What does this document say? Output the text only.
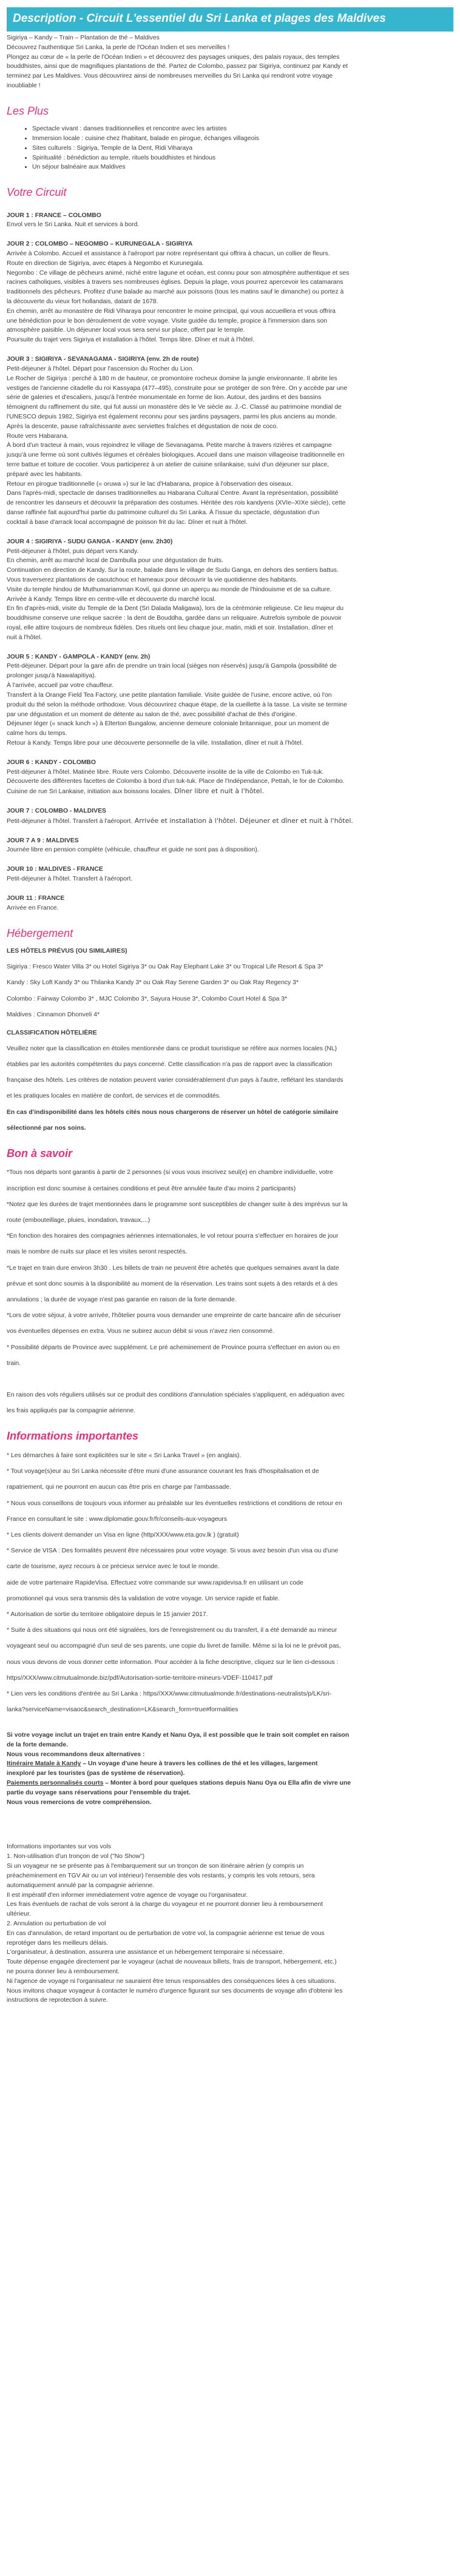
Description - Circuit L'essentiel du Sri Lanka et plages des Maldives

Sigiriya – Kandy – Train – Plantation de thé – Maldives

Découvrez l'authentique Sri Lanka, la perle de l'Océan Indien et ses merveilles !

Plongez au cœur de « la perle de l'Océan Indien » et découvrez des paysages uniques, des palais royaux, des temples

bouddhistes, ainsi que de magnifiques plantations de thé. Partez de Colombo, passez par Sigiriya, continuez par Kandy et

terminez par Les Maldives. Vous découvrirez ainsi de nombreuses merveilles du Sri Lanka qui rendront votre voyage

inoubliable !

Les Plus
• Spectacle vivant : danses traditionnelles et rencontre avec les artistes
• Immersion locale : cuisine chez l'habitant, balade en pirogue, échanges villageois
• Sites culturels : Sigiriya, Temple de la Dent, Ridi Viharaya
• Spiritualité : bénédiction au temple, rituels bouddhistes et hindous
• Un séjour balnéaire aux Maldives
Votre Circuit
JOUR 1 : FRANCE – COLOMBO

Envol vers le Sri Lanka. Nuit et services à bord.

JOUR 2 : COLOMBO – NEGOMBO – KURUNEGALA - SIGIRIYA

Arrivée à Colombo. Accueil et assistance à l'aéroport par notre représentant qui offrira à chacun, un collier de fleurs.

Route en direction de Sigiriya, avec étapes à Negombo et Kurunegala.

Negombo : Ce village de pêcheurs animé, niché entre lagune et océan, est connu pour son atmosphère authentique et ses

racines catholiques, visibles à travers ses nombreuses églises. Depuis la plage, vous pourrez apercevoir les catamarans

traditionnels des pêcheurs. Profitez d'une balade au marché aux poissons (tous les matins sauf le dimanche) ou portez à

la découverte du vieux fort hollandais, datant de 1678.

En chemin, arrêt au monastère de Ridi Viharaya pour rencontrer le moine principal, qui vous accueillera et vous offrira

une bénédiction pour le bon déroulement de votre voyage. Visite guidée du temple, propice à l'immersion dans son

atmosphère paisible. Un déjeuner local vous sera servi sur place, offert par le temple.

Poursuite du trajet vers Sigiriya et installation à l'hôtel. Temps libre. Dîner et nuit à l'hôtel.

JOUR 3 : SIGIRIYA - SEVANAGAMA - SIGIRIYA (env. 2h de route)

Petit-déjeuner à l'hôtel. Départ pour l'ascension du Rocher du Lion.

Le Rocher de Sigiriya : perché à 180 m de hauteur, ce promontoire rocheux domine la jungle environnante. Il abrite les

vestiges de l'ancienne citadelle du roi Kassyapa (477–495), construite pour se protéger de son frère. On y accède par une

série de galeries et d'escaliers, jusqu'à l'entrée monumentale en forme de lion. Autour, des jardins et des bassins

témoignent du raffinement du site, qui fut aussi un monastère dès le Ve siècle av. J.-C. Classé au patrimoine mondial de

l'UNESCO depuis 1982, Sigiriya est également reconnu pour ses jardins paysagers, parmi les plus anciens au monde.

Après la descente, pause rafraîchissante avec serviettes fraîches et dégustation de noix de coco.

Route vers Habarana.

À bord d'un tracteur à main, vous rejoindrez le village de Sevanagama. Petite marche à travers rizières et campagne

jusqu'à une ferme où sont cultivés légumes et céréales biologiques. Accueil dans une maison villageoise traditionnelle en

terre battue et toiture de cocotier. Vous participerez à un atelier de cuisine srilankaise, suivi d'un déjeuner sur place,

préparé avec les habitants.

Retour en pirogue traditionnelle (« oruwa ») sur le lac d'Habarana, propice à l'observation des oiseaux.

Dans l'après-midi, spectacle de danses traditionnelles au Habarana Cultural Centre. Avant la représentation, possibilité

de rencontrer les danseurs et découvrir la préparation des costumes. Héritée des rois kandyens (XVIe–XIXe siècle), cette

danse raffinée fait aujourd'hui partie du patrimoine culturel du Sri Lanka. À l'issue du spectacle, dégustation d'un

cocktail à base d'arrack local accompagné de poisson frit du lac. Dîner et nuit à l'hôtel.

JOUR 4 : SIGIRIYA - SUDU GANGA - KANDY (env. 2h30)

Petit-déjeuner à l'hôtel, puis départ vers Kandy.

En chemin, arrêt au marché local de Dambulla pour une dégustation de fruits.

Continuation en direction de Kandy. Sur la route, balade dans le village de Sudu Ganga, en dehors des sentiers battus.

Vous traverserez plantations de caoutchouc et hameaux pour découvrir la vie quotidienne des habitants.

Visite du temple hindou de Muthumariamman Kovil, qui donne un aperçu au monde de l'hindouisme et de sa culture.

Arrivée à Kandy. Temps libre en centre-ville et découverte du marché local.

En fin d'après-midi, visite du Temple de la Dent (Sri Dalada Maligawa), lors de la cérémonie religieuse. Ce lieu majeur du

bouddhisme conserve une relique sacrée : la dent de Bouddha, gardée dans un reliquaire. Autrefois symbole de pouvoir

royal, elle attire toujours de nombreux fidèles. Des rituels ont lieu chaque jour, matin, midi et soir. Installation, dîner et

nuit à l'hôtel.

JOUR 5 : KANDY - GAMPOLA - KANDY (env. 2h)

Petit-déjeuner. Départ pour la gare afin de prendre un train local (sièges non réservés) jusqu'à Gampola (possibilité de

prolonger jusqu'à Nawalapitiya).

À l'arrivée, accueil par votre chauffeur.

Transfert à la Orange Field Tea Factory, une petite plantation familiale. Visite guidée de l'usine, encore active, où l'on

produit du thé selon la méthode orthodoxe. Vous découvrirez chaque étape, de la cueillette à la tasse. La visite se termine

par une dégustation et un moment de détente au salon de thé, avec possibilité d'achat de thés d'origine.

Déjeuner léger (« snack lunch ») à Elterton Bungalow, ancienne demeure coloniale britannique, pour un moment de

calme hors du temps.

Retour à Kandy. Temps libre pour une découverte personnelle de la ville. Installation, dîner et nuit à l'hôtel.

JOUR 6 : KANDY - COLOMBO

Petit-déjeuner à l'hôtel. Matinée libre. Route vers Colombo. Découverte insolite de la ville de Colombo en Tuk-tuk.

Découverte des différentes facettes de Colombo à bord d'un tuk-tuk. Place de l'Indépendance, Pettah, le for de Colombo.

Cuisine de rue Sri Lankaise, initiation aux boissons locales. Dîner libre et nuit à l'hôtel.

JOUR 7 : COLOMBO - MALDIVES

Petit-déjeuner à l'hôtel. Transfert à l'aéroport. Arrivée et installation à l'hôtel. Déjeuner et dîner et nuit à l'hôtel.

JOUR 7 A 9 : MALDIVES

Journée libre en pension complète (véhicule, chauffeur et guide ne sont pas à disposition).

JOUR 10 : MALDIVES - FRANCE

Petit-déjeuner à l'hôtel. Transfert à l'aéroport.

JOUR 11 : FRANCE

Arrivée en France.

Hébergement

LES HÔTELS PRÉVUS (OU SIMILAIRES)

Sigiriya : Fresco Water Villa 3* ou Hotel Sigiriya 3* ou Oak Ray Elephant Lake 3* ou Tropical Life Resort & Spa 3*

Kandy : Sky Loft Kandy 3* ou Thilanka Kandy 3* ou Oak Ray Serene Garden 3* ou Oak Ray Regency 3*

Colombo : Fairway Colombo 3* , MJC Colombo 3*, Sayura House 3*, Colombo Court Hotel & Spa 3*

Maldives : Cinnamon Dhonveli 4*

CLASSIFICATION HÔTELIÈRE

Veuillez noter que la classification en étoiles mentionnée dans ce produit touristique se réfère aux normes locales (NL)

établies par les autorités compétentes du pays concerné. Cette classification n'a pas de rapport avec la classification

française des hôtels. Les critères de notation peuvent varier considérablement d'un pays à l'autre, reflétant les standards

et les pratiques locales en matière de confort, de services et de commodités.

En cas d'indisponibilité dans les hôtels cités nous nous chargerons de réserver un hôtel de catégorie similaire

sélectionné par nos soins.

Bon à savoir

*Tous nos départs sont garantis à partir de 2 personnes (si vous vous inscrivez seul(e) en chambre individuelle, votre

inscription est donc soumise à certaines conditions et peut être annulée faute d'au moins 2 participants)

*Notez que les durées de trajet mentionnées dans le programme sont susceptibles de changer suite à des imprévus sur la

route (embouteillage, pluies, inondation, travaux,...)

*En fonction des horaires des compagnies aériennes internationales, le vol retour pourra s'effectuer en horaires de jour

mais le nombre de nuits sur place et les visites seront respectés.

*Le trajet en train dure environ 3h30 . Les billets de train ne peuvent être achetés que quelques semaines avant la date

prévue et sont donc soumis à la disponibilité au moment de la réservation. Les trains sont sujets à des retards et à des

annulations ; la durée de voyage n'est pas garantie en raison de la forte demande.

*Lors de votre séjour, à votre arrivée, l'hôtelier pourra vous demander une empreinte de carte bancaire afin de sécuriser

vos éventuelles dépenses en extra. Vous ne subirez aucun débit si vous n'avez rien consommé.

* Possibilité départs de Province avec supplément. Le pré acheminement de Province pourra s'effectuer en avion ou en

train.

En raison des vols réguliers utilisés sur ce produit des conditions d'annulation spéciales s'appliquent, en adéquation avec

les frais appliqués par la compagnie aérienne.

Informations importantes

* Les démarches à faire sont explicitées sur le site « Sri Lanka Travel » (en anglais).

* Tout voyage(s)eur au Sri Lanka nécessite d'être muni d'une assurance couvrant les frais d'hospitalisation et de

rapatriement, qui ne pourront en aucun cas être pris en charge par l'ambassade.

* Nous vous conseillons de toujours vous informer au préalable sur les éventuelles restrictions et conditions de retour en

France en consultant le site : www.diplomatie.gouv.fr/fr/conseils-aux-voyageurs

* Les clients doivent demander un Visa en ligne (http/XXX/www.eta.gov.lk ) (gratuit)

* Service de VISA : Des formalités peuvent être nécessaires pour votre voyage. Si vous avez besoin d'un visa ou d'une

carte de tourisme, ayez recours à ce précieux service avec le tout le monde.

aide de votre partenaire RapideVisa. Effectuez votre commande sur www.rapidevisa.fr en utilisant un code

promotionnel qui vous sera transmis dès la validation de votre voyage. Un service rapide et fiable.

* Autorisation de sortie du territoire obligatoire depuis le 15 janvier 2017.

* Suite à des situations qui nous ont été signalées, lors de l'enregistrement ou du transfert, il a été demandé au mineur

voyageant seul ou accompagné d'un seul de ses parents, une copie du livret de famille. Même si la loi ne le prévoit pas,

nous vous devons de vous donner cette information. Pour accéder à la fiche descriptive, cliquez sur le lien ci-dessous :

https//XXX/www.citmutualmonde.biz/pdf/Autorisation-sortie-territoire-mineurs-VDEF-110417.pdf

* Lien vers les conditions d'entrée au Sri Lanka : https//XXX/www.citmutualmonde.fr/destinations-neutralists/p/LK/sri-

lanka?serviceName=visaoc&search_destination=LK&search_form=true#formalities

Si votre voyage inclut un trajet en train entre Kandy et Nanu Oya, il est possible que le train soit complet en raison

de la forte demande.

Nous vous recommandons deux alternatives :

Itinéraire Matale à Kandy – Un voyage d'une heure à travers les collines de thé et les villages, largement

inexploré par les touristes (pas de système de réservation).

Paiements personnalisés courts – Monter à bord pour quelques stations depuis Nanu Oya ou Ella afin de vivre une

partie du voyage sans réservations pour l'ensemble du trajet.

Nous vous remercions de votre compréhension.

Informations importantes sur vos vols

1. Non-utilisation d'un tronçon de vol ("No Show")

Si un voyageur ne se présente pas à l'embarquement sur un tronçon de son itinéraire aérien (y compris un

préacheminement en TGV Air ou un vol intérieur) l'ensemble des vols restants, y compris les vols retours, sera

automatiquement annulé par la compagnie aérienne.

Il est impératif d'en informer immédiatement votre agence de voyage ou l'organisateur.

Les frais éventuels de rachat de vols seront à la charge du voyageur et ne pourront donner lieu à remboursement

ultérieur.

2. Annulation ou perturbation de vol

En cas d'annulation, de retard important ou de perturbation de votre vol, la compagnie aérienne est tenue de vous

reprotéger dans les meilleurs délais.

L'organisateur, à destination, assurera une assistance et un hébergement temporaire si nécessaire.

Toute dépense engagée directement par le voyageur (achat de nouveaux billets, frais de transport, hébergement, etc.)

ne pourra donner lieu à remboursement.

Ni l'agence de voyage ni l'organisateur ne sauraient être tenus responsables des conséquences liées à ces situations.

Nous invitons chaque voyageur à contacter le numéro d'urgence figurant sur ses documents de voyage afin d'obtenir les

instructions de reprotection à suivre.
